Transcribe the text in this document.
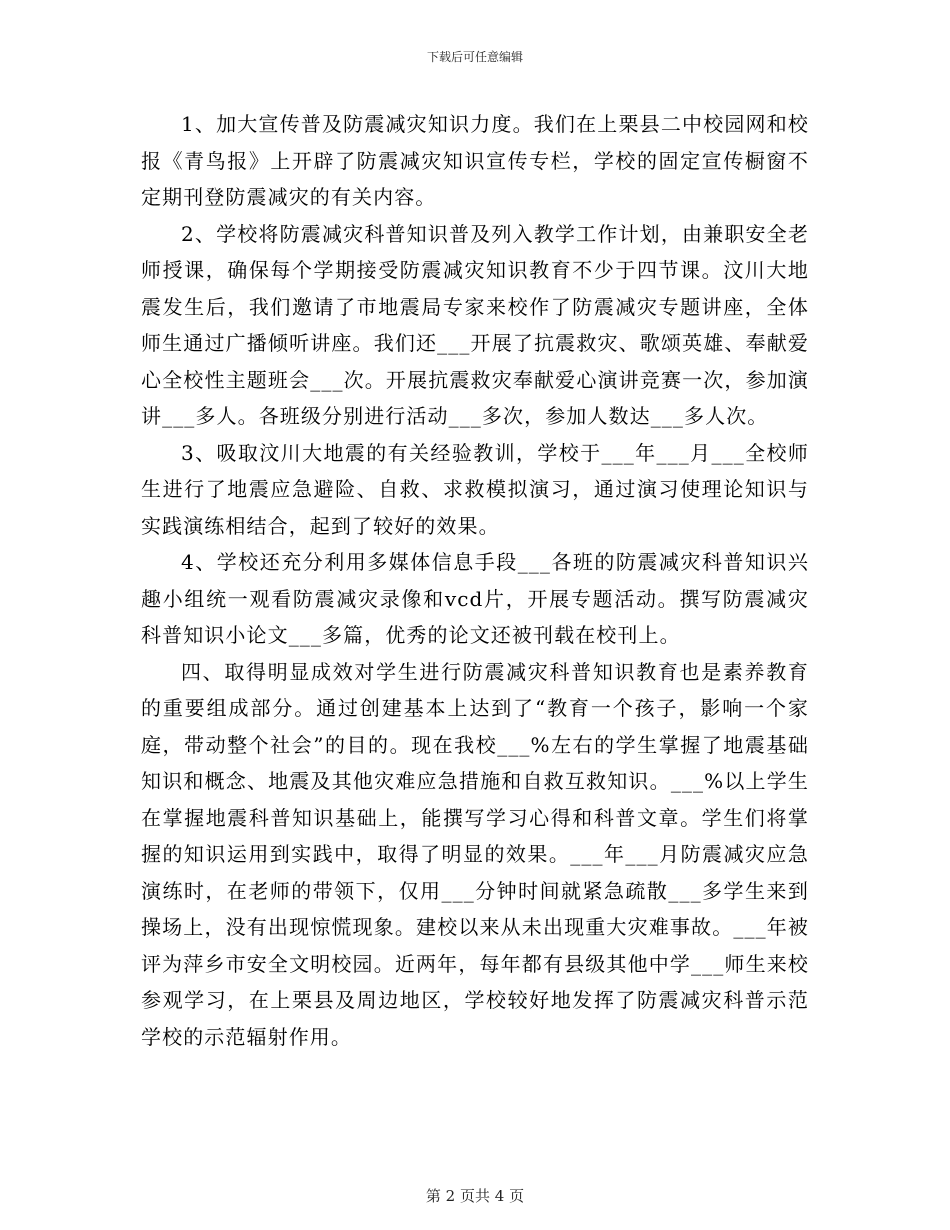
下载后可任意编辑

1、加大宣传普及防震减灾知识力度。我们在上栗县二中校园网和校报《青鸟报》上开辟了防震减灾知识宣传专栏，学校的固定宣传橱窗不定期刊登防震减灾的有关内容。

2、学校将防震减灾科普知识普及列入教学工作计划，由兼职安全老师授课，确保每个学期接受防震减灾知识教育不少于四节课。汶川大地震发生后，我们邀请了市地震局专家来校作了防震减灾专题讲座，全体师生通过广播倾听讲座。我们还___开展了抗震救灾、歌颂英雄、奉献爱心全校性主题班会___次。开展抗震救灾奉献爱心演讲竞赛一次，参加演讲___多人。各班级分别进行活动___多次，参加人数达___多人次。

3、吸取汶川大地震的有关经验教训，学校于___年___月___全校师生进行了地震应急避险、自救、求救模拟演习，通过演习使理论知识与实践演练相结合，起到了较好的效果。

4、学校还充分利用多媒体信息手段___各班的防震减灾科普知识兴趣小组统一观看防震减灾录像和vcd片，开展专题活动。撰写防震减灾科普知识小论文___多篇，优秀的论文还被刊载在校刊上。

四、取得明显成效对学生进行防震减灾科普知识教育也是素养教育的重要组成部分。通过创建基本上达到了“教育一个孩子，影响一个家庭，带动整个社会”的目的。现在我校___%左右的学生掌握了地震基础知识和概念、地震及其他灾难应急措施和自救互救知识。___%以上学生在掌握地震科普知识基础上，能撰写学习心得和科普文章。学生们将掌握的知识运用到实践中，取得了明显的效果。___年___月防震减灾应急演练时，在老师的带领下，仅用___分钟时间就紧急疏散___多学生来到操场上，没有出现惊慌现象。建校以来从未出现重大灾难事故。___年被评为萍乡市安全文明校园。近两年，每年都有县级其他中学___师生来校参观学习，在上栗县及周边地区，学校较好地发挥了防震减灾科普示范学校的示范辐射作用。

第 2 页共 4 页
